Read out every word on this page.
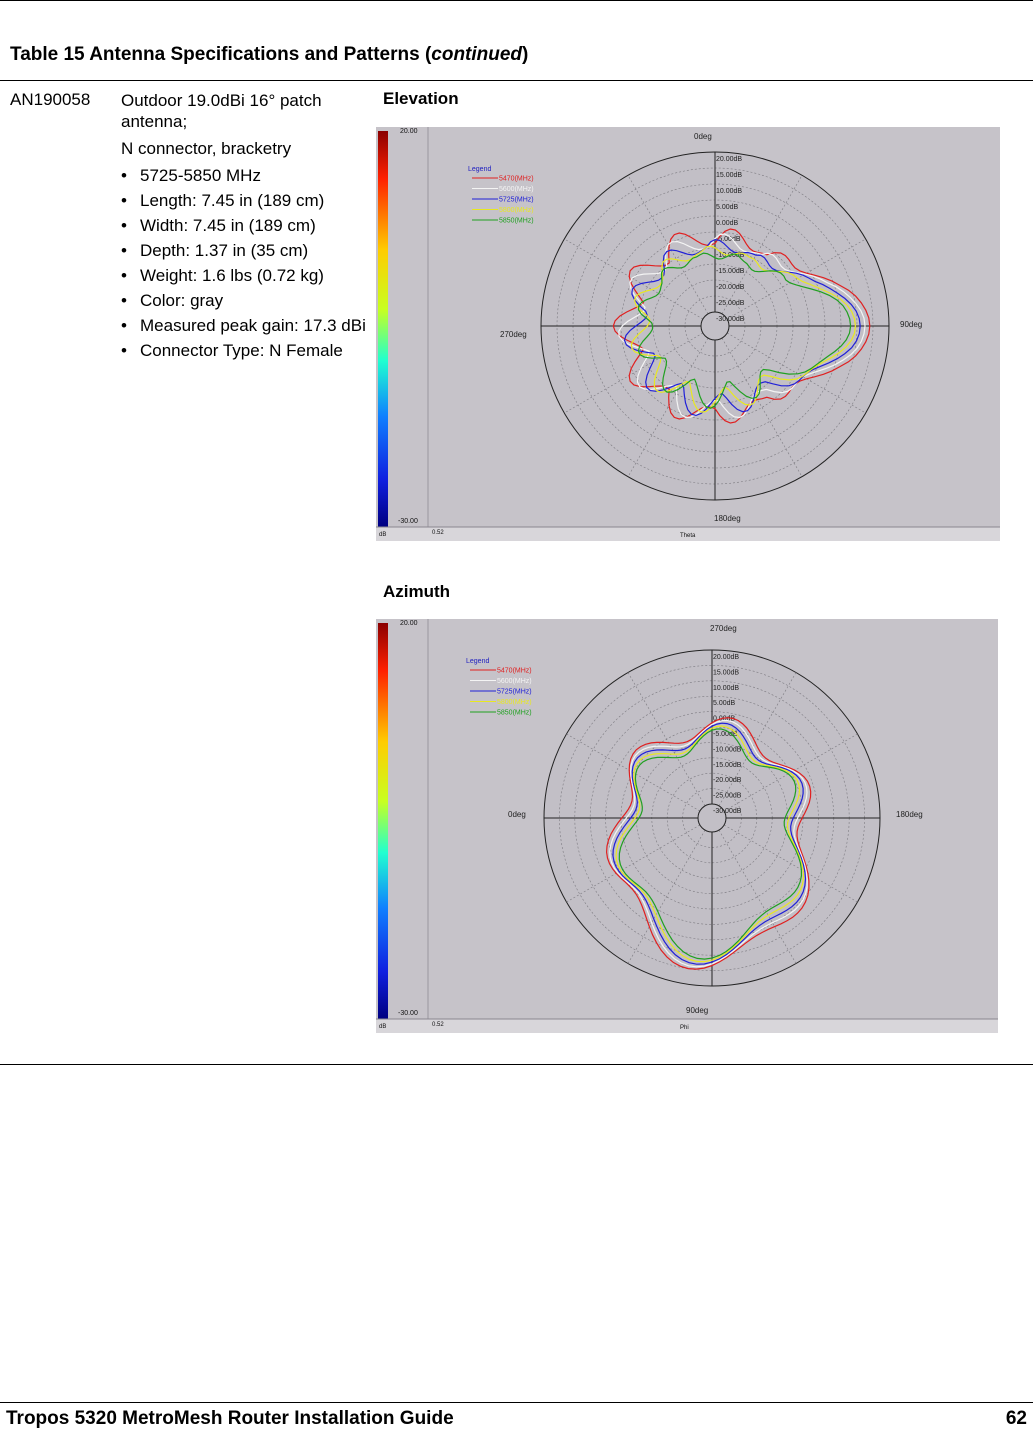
Table 15 Antenna Specifications and Patterns (continued)
AN190058 Outdoor 19.0dBi 16° patch antenna;

N connector, bracketry

• 5725-5850 MHz
• Length: 7.45 in (189 cm)
• Width: 7.45 in (189 cm)
• Depth: 1.37 in (35 cm)
• Weight: 1.6 lbs (0.72 kg)
• Color: gray
• Measured peak gain: 17.3 dBi
• Connector Type: N Female
Elevation
20.00
-30.00
dB	0.52	Theta
20.00dB
15.00dB
10.00dB
5.00dB
0.00dB
-5.00dB
-10.00dB
-15.00dB
-20.00dB
-25.00dB
-30.00dB
0deg
180deg
270deg
90deg
Legend
5470(MHz)
5600(MHz)
5725(MHz)
5800(MHz)
5850(MHz)
Azimuth
20.00
-30.00
dB	0.52	Phi
20.00dB
15.00dB
10.00dB
5.00dB
0.00dB
-5.00dB
-10.00dB
-15.00dB
-20.00dB
-25.00dB
-30.00dB
270deg
90deg
0deg	180deg
Legend
5470(MHz)
5600(MHz)
5725(MHz)
5800(MHz)
5850(MHz)
Tropos 5320 MetroMesh Router Installation Guide	62
